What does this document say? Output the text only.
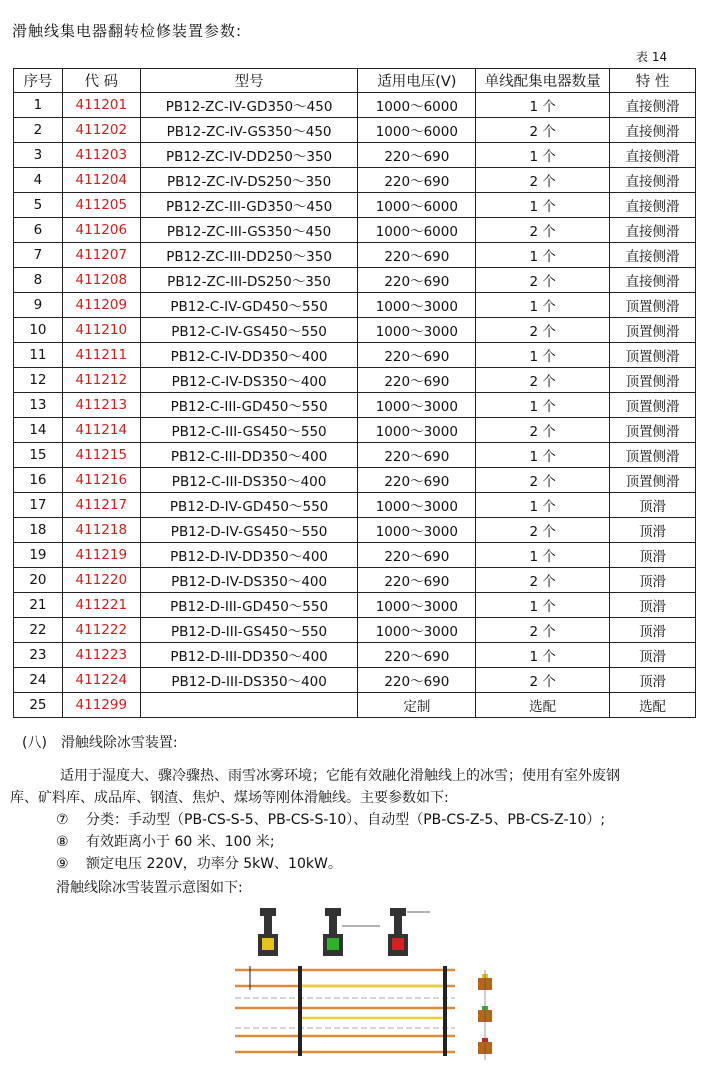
滑触线集电器翻转检修装置参数:
表 14
序号	代 码	型号	适用电压(V)	单线配集电器数量	特 性
1	411201	PB12-ZC-IV-GD350～450	1000～6000	1 个	直接侧滑
2	411202	PB12-ZC-IV-GS350～450	1000～6000	2 个	直接侧滑
3	411203	PB12-ZC-IV-DD250～350	220～690	1 个	直接侧滑
4	411204	PB12-ZC-IV-DS250～350	220～690	2 个	直接侧滑
5	411205	PB12-ZC-III-GD350～450	1000～6000	1 个	直接侧滑
6	411206	PB12-ZC-III-GS350～450	1000～6000	2 个	直接侧滑
7	411207	PB12-ZC-III-DD250～350	220～690	1 个	直接侧滑
8	411208	PB12-ZC-III-DS250～350	220～690	2 个	直接侧滑
9	411209	PB12-C-IV-GD450～550	1000～3000	1 个	顶置侧滑
10	411210	PB12-C-IV-GS450～550	1000～3000	2 个	顶置侧滑
11	411211	PB12-C-IV-DD350～400	220～690	1 个	顶置侧滑
12	411212	PB12-C-IV-DS350～400	220～690	2 个	顶置侧滑
13	411213	PB12-C-III-GD450～550	1000～3000	1 个	顶置侧滑
14	411214	PB12-C-III-GS450～550	1000～3000	2 个	顶置侧滑
15	411215	PB12-C-III-DD350～400	220～690	1 个	顶置侧滑
16	411216	PB12-C-III-DS350～400	220～690	2 个	顶置侧滑
17	411217	PB12-D-IV-GD450～550	1000～3000	1 个	顶滑
18	411218	PB12-D-IV-GS450～550	1000～3000	2 个	顶滑
19	411219	PB12-D-IV-DD350～400	220～690	1 个	顶滑
20	411220	PB12-D-IV-DS350～400	220～690	2 个	顶滑
21	411221	PB12-D-III-GD450～550	1000～3000	1 个	顶滑
22	411222	PB12-D-III-GS450～550	1000～3000	2 个	顶滑
23	411223	PB12-D-III-DD350～400	220～690	1 个	顶滑
24	411224	PB12-D-III-DS350～400	220～690	2 个	顶滑
25	411299		定制	选配	选配
(八) 滑触线除冰雪装置:
适用于湿度大、骤冷骤热、雨雪冰雾环境；它能有效融化滑触线上的冰雪；使用有室外废钢
库、矿料库、成品库、钢渣、焦炉、煤场等刚体滑触线。主要参数如下:
⑦ 分类：手动型（PB-CS-S-5、PB-CS-S-10）、自动型（PB-CS-Z-5、PB-CS-Z-10）;
⑧ 有效距离小于 60 米、100 米;
⑨ 额定电压 220V，功率分 5kW、10kW。
滑触线除冰雪装置示意图如下:
